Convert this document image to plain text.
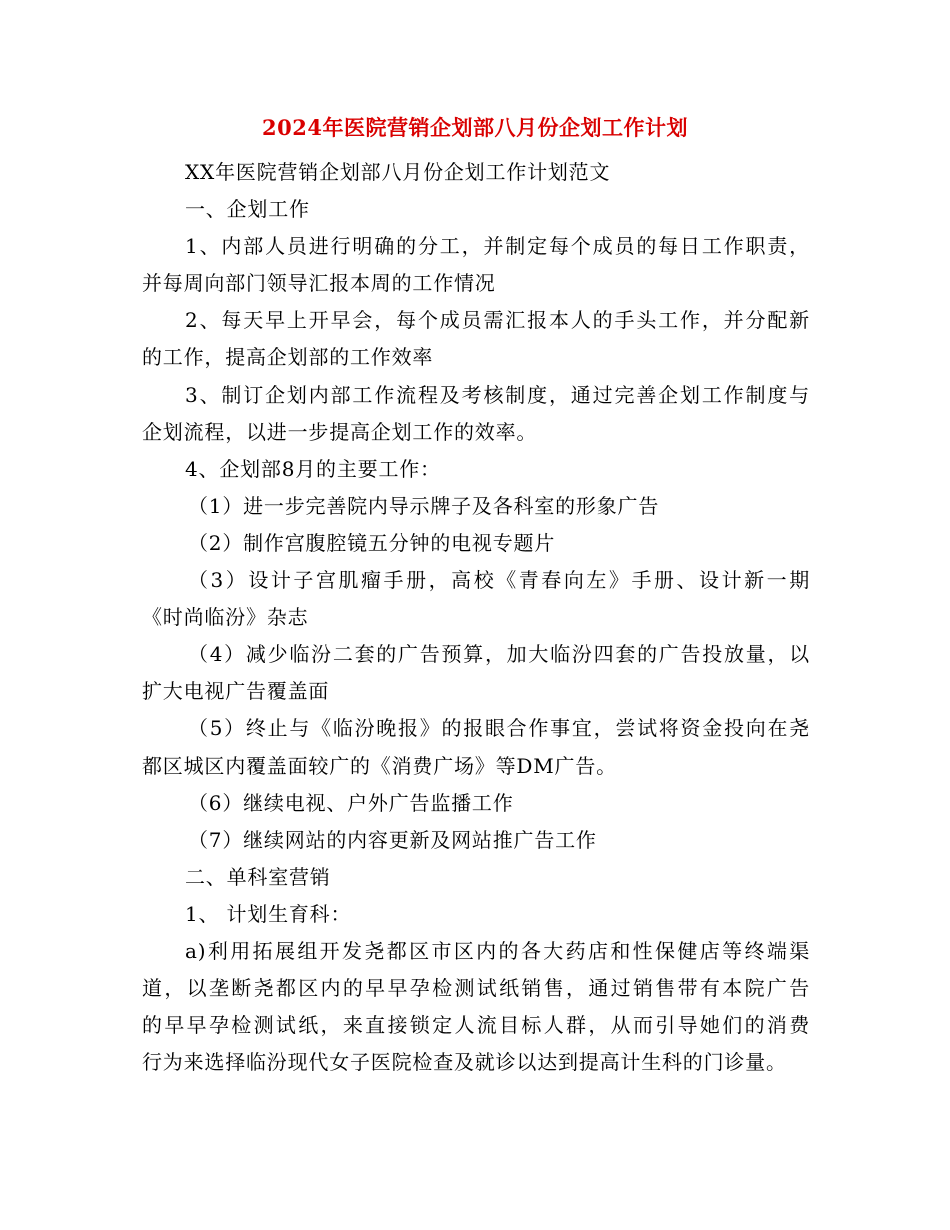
2024年医院营销企划部八月份企划工作计划
XX年医院营销企划部八月份企划工作计划范文
一、企划工作
1、内部人员进行明确的分工，并制定每个成员的每日工作职责，
并每周向部门领导汇报本周的工作情况
2、每天早上开早会，每个成员需汇报本人的手头工作，并分配新
的工作，提高企划部的工作效率
3、制订企划内部工作流程及考核制度，通过完善企划工作制度与
企划流程，以进一步提高企划工作的效率。
4、企划部8月的主要工作：
（1）进一步完善院内导示牌子及各科室的形象广告
（2）制作宫腹腔镜五分钟的电视专题片
（3）设计子宫肌瘤手册，高校《青春向左》手册、设计新一期
《时尚临汾》杂志
（4）减少临汾二套的广告预算，加大临汾四套的广告投放量，以
扩大电视广告覆盖面
（5）终止与《临汾晚报》的报眼合作事宜，尝试将资金投向在尧
都区城区内覆盖面较广的《消费广场》等DM广告。
（6）继续电视、户外广告监播工作
（7）继续网站的内容更新及网站推广告工作
二、单科室营销
1、 计划生育科：
a)利用拓展组开发尧都区市区内的各大药店和性保健店等终端渠
道，以垄断尧都区内的早早孕检测试纸销售，通过销售带有本院广告
的早早孕检测试纸，来直接锁定人流目标人群，从而引导她们的消费
行为来选择临汾现代女子医院检查及就诊以达到提高计生科的门诊量。
